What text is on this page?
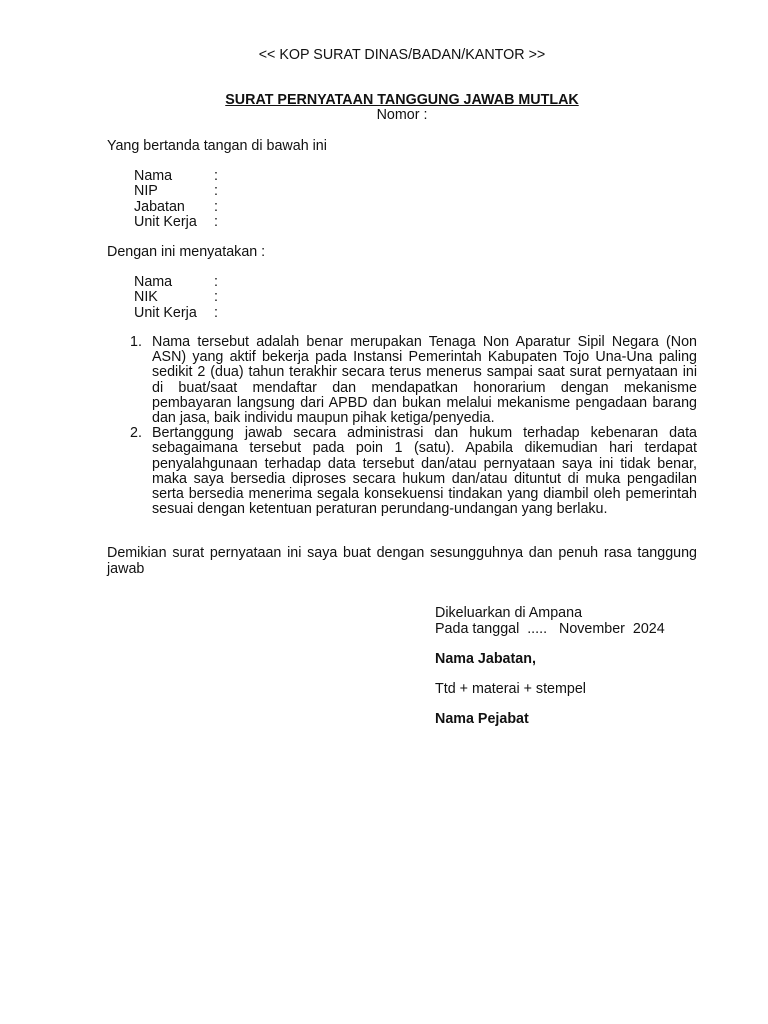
<< KOP SURAT DINAS/BADAN/KANTOR >>
SURAT PERNYATAAN TANGGUNG JAWAB MUTLAK
Nomor :
Yang bertanda tangan di bawah ini
Nama	:
NIP	:
Jabatan :
Unit Kerja :
Dengan ini menyatakan :
Nama	:
NIK	:
Unit Kerja :
1. Nama tersebut adalah benar merupakan Tenaga Non Aparatur Sipil Negara (Non ASN) yang aktif bekerja pada Instansi Pemerintah Kabupaten Tojo Una-Una paling sedikit 2 (dua) tahun terakhir secara terus menerus sampai saat surat pernyataan ini di buat/saat mendaftar dan mendapatkan honorarium dengan mekanisme pembayaran langsung dari APBD dan bukan melalui mekanisme pengadaan barang dan jasa, baik individu maupun pihak ketiga/penyedia.
2. Bertanggung jawab secara administrasi dan hukum terhadap kebenaran data sebagaimana tersebut pada poin 1 (satu). Apabila dikemudian hari terdapat penyalahgunaan terhadap data tersebut dan/atau pernyataan saya ini tidak benar, maka saya bersedia diproses secara hukum dan/atau dituntut di muka pengadilan serta bersedia menerima segala konsekuensi tindakan yang diambil oleh pemerintah sesuai dengan ketentuan peraturan perundang-undangan yang berlaku.
Demikian surat pernyataan ini saya buat dengan sesungguhnya dan penuh rasa tanggung jawab
Dikeluarkan di Ampana
Pada tanggal  .....   November  2024
Nama Jabatan,
Ttd + materai + stempel
Nama Pejabat
